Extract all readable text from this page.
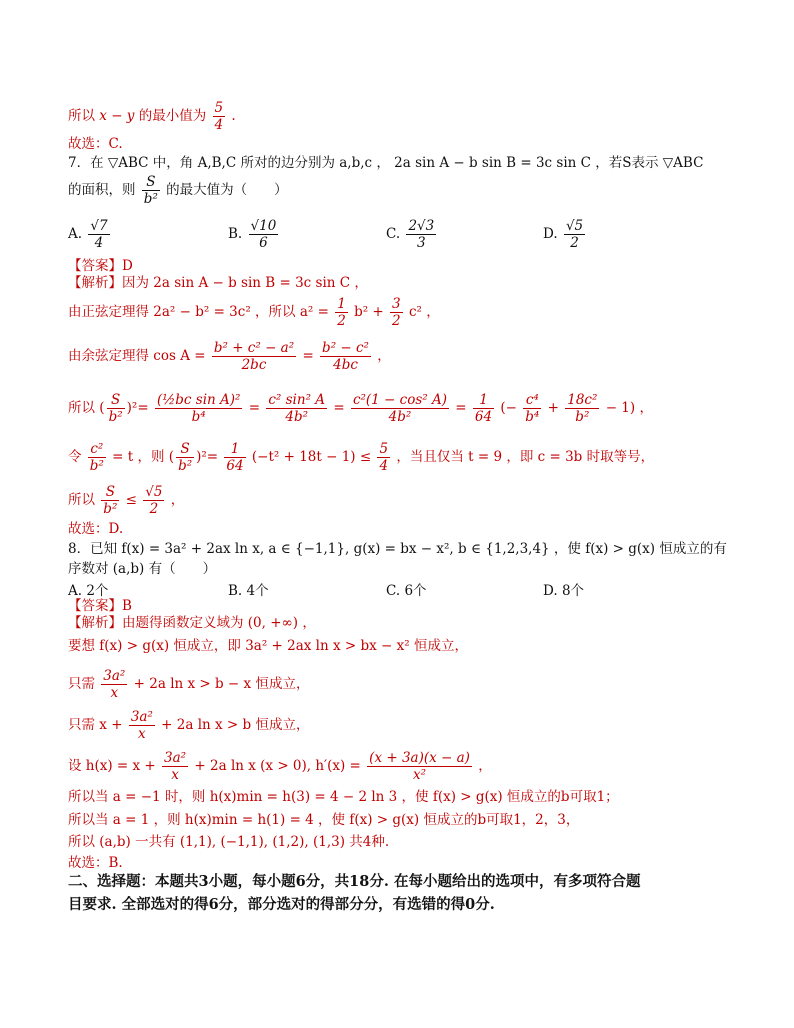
所以 x − y 的最小值为 $\frac{5}{4}$ .
故选：C.
7．在 ▽ABC 中，角 A,B,C 所对的边分别为 a,b,c ， 2a sin A − b sin B = 3c sin C ，若S表示 ▽ABC
的面积，则 $\frac{S}{\text{b²}}$ 的最大值为（　　）
A. $\frac{√7}{4}$	B. $\frac{√10}{6}$	C. $\frac{2√3}{3}$	D. $\frac{√5}{2}$
【答案】D
【解析】因为 2a sin A − b sin B = 3c sin C ，
由正弦定理得 2a² − b² = 3c² ，所以 $a^2 = \frac{1}{2} b^2 + \frac{3}{2} c^2$ ，
由余弦定理得 $\cos A = \frac{\text{b² + c² − a²}}{2bc} = \frac{\text{b² − c²}}{4bc}$ ，
所以 ( $\frac{S}{\text{b²}} )^2= \frac{\text{(½bc sin A)²}}{\text{b⁴}} = \frac{\text{c² sin² A}}{\text{4b²}} = \frac{\text{c²(1 − cos² A)}}{\text{4b²}} = \frac{1}{64}$ (− $\frac{\text{c⁴}}{\text{b⁴}} + \frac{\text{18c²}}{\text{b²}} - 1$) ，
令 $\frac{\text{c²}}{\text{b²}} = t$ ，则 ( $\frac{S}{\text{b²}} )^2= \frac{1}{64} (-t^2 + 18t - 1) \le \frac{5}{4}$ ，当且仅当 t = 9 ，即 c = 3b 时取等号，
所以 $\frac{S}{\text{b²}} \le \frac{√5}{2}$ ，
故选：D.
8．已知 f(x) = 3a² + 2ax ln x, a ∈ {−1,1}, g(x) = bx − x², b ∈ {1,2,3,4} ，使 f(x) > g(x) 恒成立的有
序数对 (a,b) 有（　　）
A. 2个	B. 4个	C. 6个	D. 8个
【答案】B
【解析】由题得函数定义域为 (0, +∞) ，
要想 f(x) > g(x) 恒成立，即 3a² + 2ax ln x > bx − x² 恒成立，
只需 $\frac{\text{3a²}}{x} + 2a$ ln x > b − x 恒成立，
只需 $x + \frac{\text{3a²}}{x} + 2a$ ln x > b 恒成立，
设 $h(x) = x + \frac{\text{3a²}}{x} + 2a$ ln x (x > 0), $h'(x) = \frac{(x + 3a)(x - a)}{\text{x²}}$ ，
所以当 a = −1 时，则 h(x)min = h(3) = 4 − 2 ln 3 ，使 f(x) > g(x) 恒成立的b可取1；
所以当 a = 1 ，则 h(x)min = h(1) = 4 ，使 f(x) > g(x) 恒成立的b可取1，2，3，
所以 (a,b) 一共有 (1,1), (−1,1), (1,2), (1,3) 共4种.
故选：B.
二、选择题：本题共3小题，每小题6分，共18分. 在每小题给出的选项中，有多项符合题
目要求. 全部选对的得6分，部分选对的得部分分，有选错的得0分.
